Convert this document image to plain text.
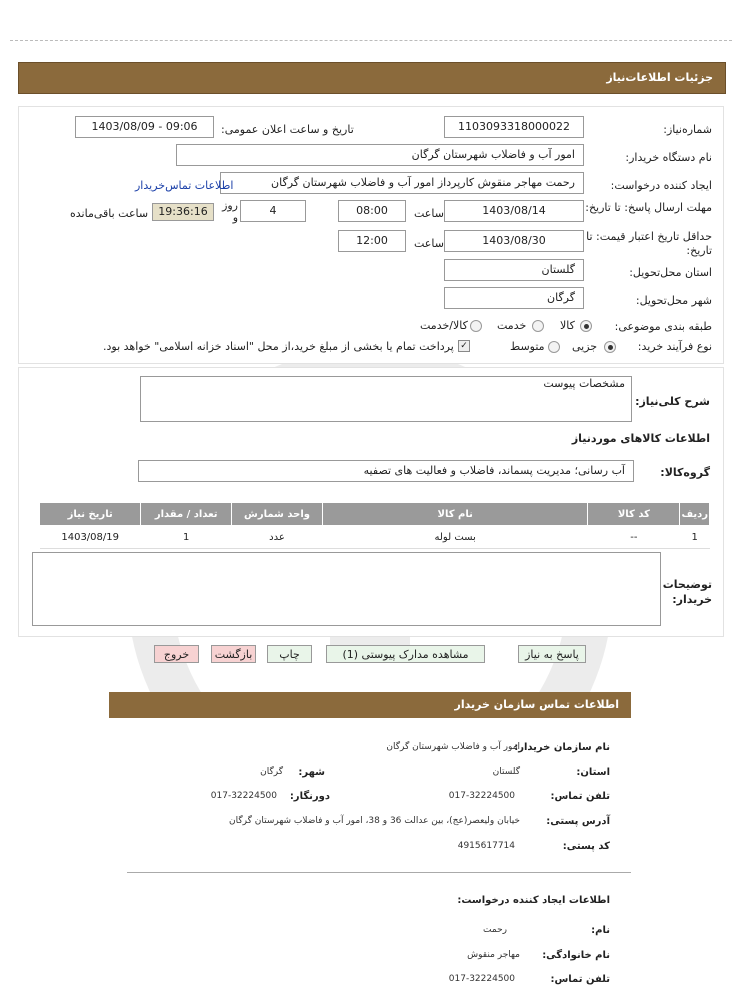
جزئیات اطلاعات‌نیاز
شماره‌نیاز:
1103093318000022
تاریخ و ساعت اعلان عمومی:
1403/08/09 - 09:06
نام دستگاه خریدار:
امور آب و فاضلاب شهرستان گرگان
ایجاد کننده درخواست:
رحمت مهاجر منقوش کارپرداز امور آب و فاضلاب شهرستان گرگان
اطلاعات تماس‌خریدار
مهلت ارسال پاسخ: تا تاریخ:
1403/08/14
ساعت
08:00
4
روز و
19:36:16
ساعت باقی‌مانده
حداقل تاریخ اعتبار قیمت: تا تاریخ:
1403/08/30
ساعت
12:00
استان محل‌تحویل:
گلستان
شهر محل‌تحویل:
گرگان
طبقه بندی موضوعی:
کالا
خدمت
کالا/خدمت
نوع فرآیند خرید:
جزیی
متوسط
✓
پرداخت تمام یا بخشی از مبلغ خرید،از محل "اسناد خزانه اسلامی" خواهد بود.
شرح کلی‌نیاز:
مشخصات پیوست
اطلاعات کالاهای موردنیاز
گروه‌کالا:
آب رسانی؛ مدیریت پسماند، فاضلاب و فعالیت های تصفیه
ردیف	کد کالا	نام کالا	واحد شمارش	تعداد / مقدار	تاریخ نیاز
1	--	بست لوله	عدد	1	1403/08/19
توضیحات خریدار:
پاسخ به نیاز
مشاهده مدارک پیوستی (1)
چاپ
بازگشت
خروج
اطلاعات تماس سازمان خریدار
نام سازمان خریدار:
امور آب و فاضلاب شهرستان گرگان
استان:
گلستان
شهر:
گرگان
تلفن تماس:
017-32224500
دورنگار:
017-32224500
آدرس پستی:
خیابان ولیعصر(عج)، بین عدالت 36 و 38، امور آب و فاضلاب شهرستان گرگان
کد پستی:
4915617714
اطلاعات ایجاد کننده درخواست:
نام:
رحمت
نام خانوادگی:
مهاجر منقوش
تلفن تماس:
017-32224500
